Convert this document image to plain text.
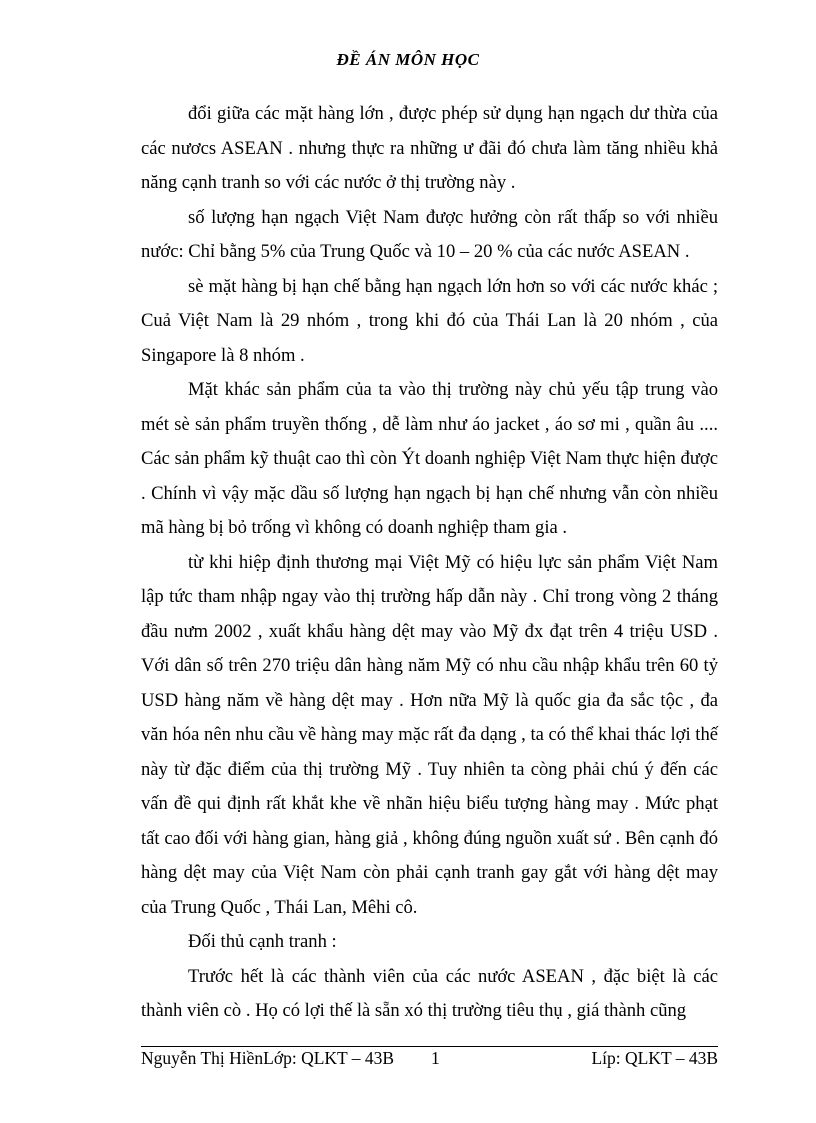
ĐỀ ÁN MÔN HỌC

đổi giữa các mặt hàng lớn , được phép sử dụng hạn ngạch dư thừa của các nươcs ASEAN . nhưng thực ra những ư đãi đó chưa làm tăng nhiều khả năng cạnh tranh so với các nước ở thị trường này .

số lượng hạn ngạch Việt Nam được hưởng còn rất thấp so với nhiều nước: Chỉ bằng 5% của Trung Quốc và 10 – 20 % của các nước ASEAN .

sè mặt hàng bị hạn chế bằng hạn ngạch lớn hơn so với các nước khác ; Cuả Việt Nam là 29 nhóm , trong khi đó của Thái Lan là 20 nhóm , của Singapore là 8 nhóm .

Mặt khác sản phẩm của ta vào thị trường này chủ yếu tập trung vào mét sè sản phẩm truyền thống , dễ làm như áo jacket , áo sơ mi , quần âu .... Các sản phẩm kỹ thuật cao thì còn Ýt doanh nghiệp Việt Nam thực hiện được . Chính vì vậy mặc dầu số lượng hạn ngạch bị hạn chế nhưng vẫn còn nhiều mã hàng bị bỏ trống vì không có doanh nghiệp tham gia .

từ khi hiệp định thương mại Việt Mỹ có hiệu lực sản phẩm Việt Nam lập tức tham nhập ngay vào thị trường hấp dẫn này . Chỉ trong vòng 2 tháng đầu nưm 2002 , xuất khẩu hàng dệt may vào Mỹ đx đạt trên 4 triệu USD . Với dân số trên 270 triệu dân hàng năm Mỹ có nhu cầu nhập khẩu trên 60 tỷ USD hàng năm về hàng dệt may . Hơn nữa Mỹ là quốc gia đa sắc tộc , đa văn hóa nên nhu cầu về hàng may mặc rất đa dạng , ta có thể khai thác lợi thế này từ đặc điểm của thị trường Mỹ . Tuy nhiên ta còng phải chú ý đến các vấn đề qui định rất khắt khe về nhãn hiệu biểu tượng hàng may . Mức phạt tất cao đối với hàng gian, hàng giả , không đúng nguồn xuất sứ . Bên cạnh đó hàng dệt may của Việt Nam còn phải cạnh tranh gay gắt với hàng dệt may của Trung Quốc , Thái Lan, Mêhi cô.

Đối thủ cạnh tranh :

Trước hết là các thành viên của các nước ASEAN , đặc biệt là các thành viên cò . Họ có lợi thế là sẵn xó thị trường tiêu thụ , giá thành cũng

Nguyễn Thị HiềnLớp: QLKT – 43B 1	Líp: QLKT – 43B
